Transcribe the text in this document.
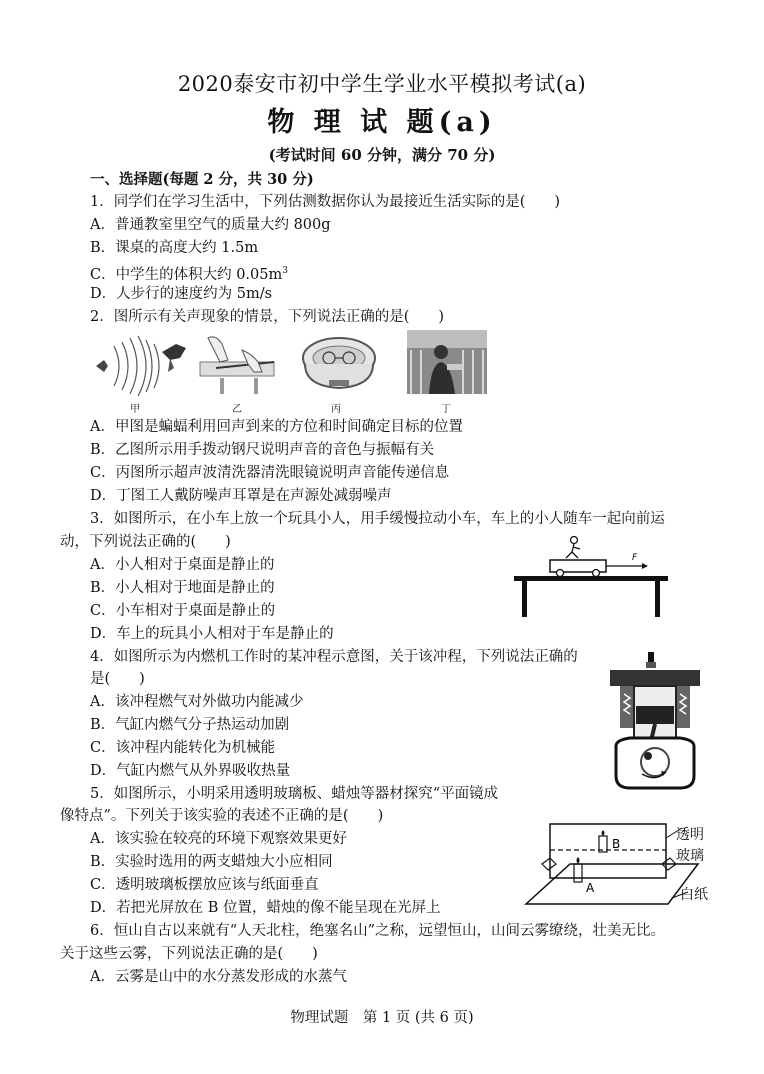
2020泰安市初中学生学业水平模拟考试(a)
物 理 试 题(a)
(考试时间 60 分钟，满分 70 分)
一、选择题(每题 2 分，共 30 分)
1．同学们在学习生活中，下列估测数据你认为最接近生活实际的是(　　)
A．普通教室里空气的质量大约 800g
B．课桌的高度大约 1.5m
C．中学生的体积大约 $0.05m^3$
D．人步行的速度约为 5m/s
2．图所示有关声现象的情景，下列说法正确的是(　　)
甲	乙	丙	丁
A．甲图是蝙蝠利用回声到来的方位和时间确定目标的位置
B．乙图所示用手拨动钢尺说明声音的音色与振幅有关
C．丙图所示超声波清洗器清洗眼镜说明声音能传递信息
D．丁图工人戴防噪声耳罩是在声源处减弱噪声
3．如图所示，在小车上放一个玩具小人，用手缓慢拉动小车，车上的小人随车一起向前运
动，下列说法正确的(　　)
A．小人相对于桌面是静止的
B．小人相对于地面是静止的
C．小车相对于桌面是静止的
D．车上的玩具小人相对于车是静止的
F
4．如图所示为内燃机工作时的某冲程示意图，关于该冲程，下列说法正确的
是(　　)
A．该冲程燃气对外做功内能减少
B．气缸内燃气分子热运动加剧
C．该冲程内能转化为机械能
D．气缸内燃气从外界吸收热量
5．如图所示，小明采用透明玻璃板、蜡烛等器材探究“平面镜成
像特点”。下列关于该实验的表述不正确的是(　　)
A．该实验在较亮的环境下观察效果更好
B．实验时选用的两支蜡烛大小应相同
C．透明玻璃板摆放应该与纸面垂直
D．若把光屏放在 B 位置，蜡烛的像不能呈现在光屏上
B
A
透明
玻璃
白纸
6．恒山自古以来就有“人天北柱，绝塞名山”之称，远望恒山，山间云雾缭绕，壮美无比。
关于这些云雾，下列说法正确的是(　　)
A．云雾是山中的水分蒸发形成的水蒸气
物理试题　第 1 页 (共 6 页)
